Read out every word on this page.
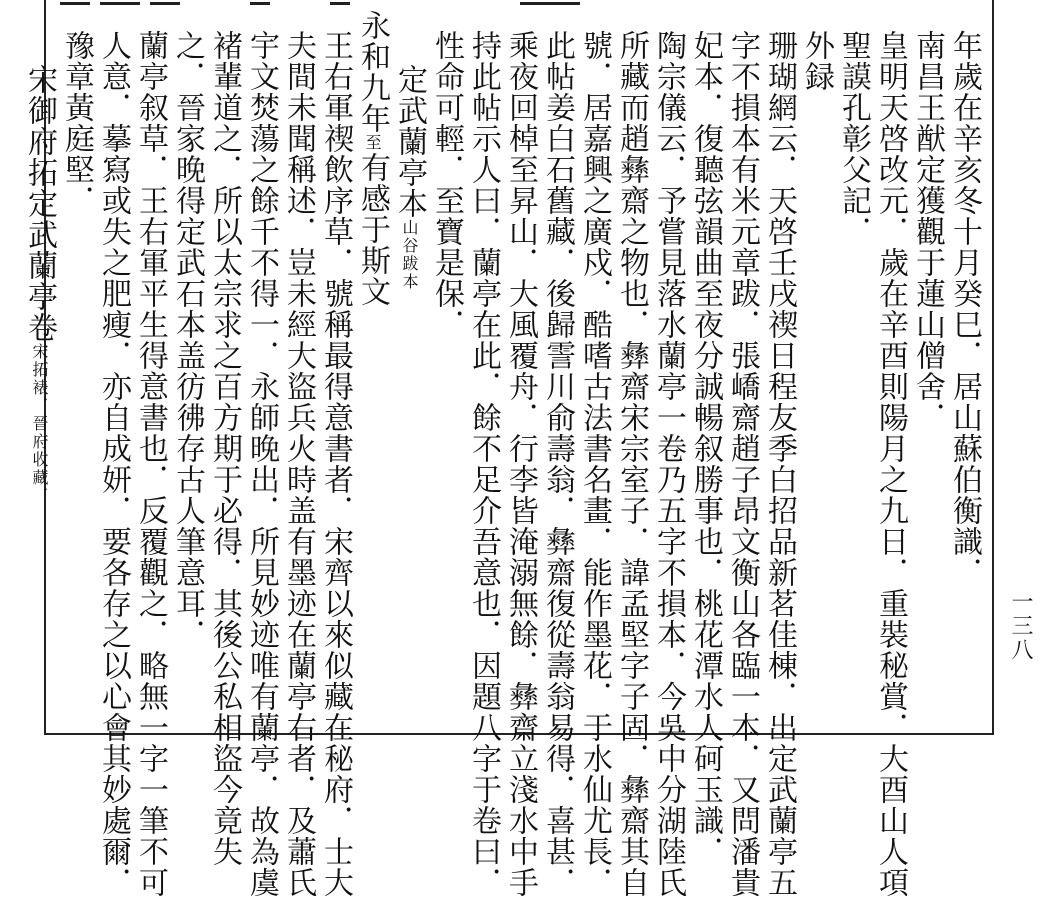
一三八
年歲在辛亥冬十月癸巳．居山蘇伯衡識．
南昌王猷定獲觀于蓮山僧舍．
皇明天啓改元．歲在辛酉則陽月之九日．重裝秘賞．大酉山人項
聖謨孔彰父記．
外録
珊瑚網云．天啓壬戌禊日程友季白招品新茗佳棟．出定武蘭亭五
字不損本有米元章跋．張嶠齋趙子昂文衡山各臨一本．又問潘貴
妃本．復聽弦韻曲至夜分誠暢叙勝事也．桃花潭水人砢玉識．
陶宗儀云．予嘗見落水蘭亭一卷乃五字不損本．今吳中分湖陸氏
所藏而趙彝齋之物也．彝齋宋宗室子．諱孟堅字子固．彝齋其自
號．居嘉興之廣戍．酷嗜古法書名畫．能作墨花．于水仙尤長．
此帖姜白石舊藏．後歸霅川俞壽翁．彝齋復從壽翁易得．喜甚．
乘夜回棹至昇山．大風覆舟．行李皆淹溺無餘．彝齋立淺水中手
持此帖示人曰．蘭亭在此．餘不足介吾意也．因題八字于卷曰．
性命可輕．至寶是保．
定武蘭亭本山谷跋本
永和九年至有感于斯文
王右軍禊飲序草．號稱最得意書者．宋齊以來似藏在秘府．士大
夫間未聞稱述．豈未經大盜兵火時盖有墨迹在蘭亭右者．及蕭氏
宇文焚蕩之餘千不得一．永師晚出．所見妙迹唯有蘭亭．故為虞
褚輩道之．所以太宗求之百方期于必得．其後公私相盜今竟失
之．晉家晚得定武石本盖彷彿存古人筆意耳．
蘭亭叙草．王右軍平生得意書也．反覆觀之．略無一字一筆不可
人意．摹寫或失之肥瘦．亦自成妍．要各存之以心會其妙處爾．
豫章黃庭堅．
宋御府拓定武蘭亭卷宋拓裱．晉府收藏．
